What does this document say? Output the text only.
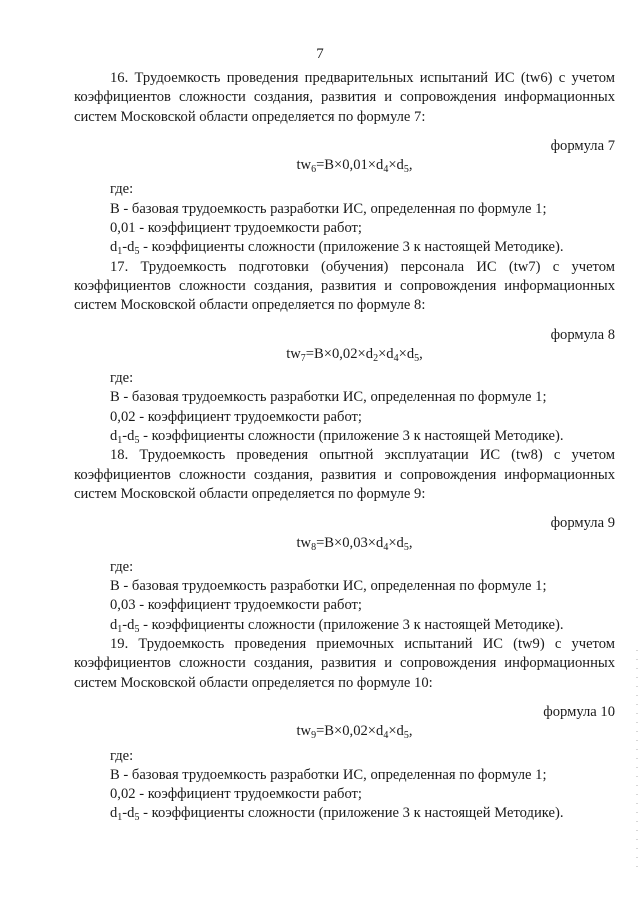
7

16. Трудоемкость проведения предварительных испытаний ИС (tw6) с учетом коэффициентов сложности создания, развития и сопровождения информационных систем Московской области определяется по формуле 7:

формула 7

$tw_6=B\times 0,01\times d_4\times d_5$,

где:

B - базовая трудоемкость разработки ИС, определенная по формуле 1;

0,01 - коэффициент трудоемкости работ;

$d_1-d_5$ - коэффициенты сложности (приложение 3 к настоящей Методике).

17. Трудоемкость подготовки (обучения) персонала ИС (tw7) с учетом коэффициентов сложности создания, развития и сопровождения информационных систем Московской области определяется по формуле 8:

формула 8

$tw_7=B\times 0,02\times d_2\times d_4\times d_5$,

где:

B - базовая трудоемкость разработки ИС, определенная по формуле 1;

0,02 - коэффициент трудоемкости работ;

$d_1-d_5$ - коэффициенты сложности (приложение 3 к настоящей Методике).

18. Трудоемкость проведения опытной эксплуатации ИС (tw8) с учетом коэффициентов сложности создания, развития и сопровождения информационных систем Московской области определяется по формуле 9:

формула 9

$tw_8=B\times 0,03\times d_4\times d_5$,

где:

B - базовая трудоемкость разработки ИС, определенная по формуле 1;

0,03 - коэффициент трудоемкости работ;

$d_1-d_5$ - коэффициенты сложности (приложение 3 к настоящей Методике).

19. Трудоемкость проведения приемочных испытаний ИС (tw9) с учетом коэффициентов сложности создания, развития и сопровождения информационных систем Московской области определяется по формуле 10:

формула 10

$tw_9=B\times 0,02\times d_4\times d_5$,

где:

B - базовая трудоемкость разработки ИС, определенная по формуле 1;

0,02 - коэффициент трудоемкости работ;

$d_1-d_5$ - коэффициенты сложности (приложение 3 к настоящей Методике).
